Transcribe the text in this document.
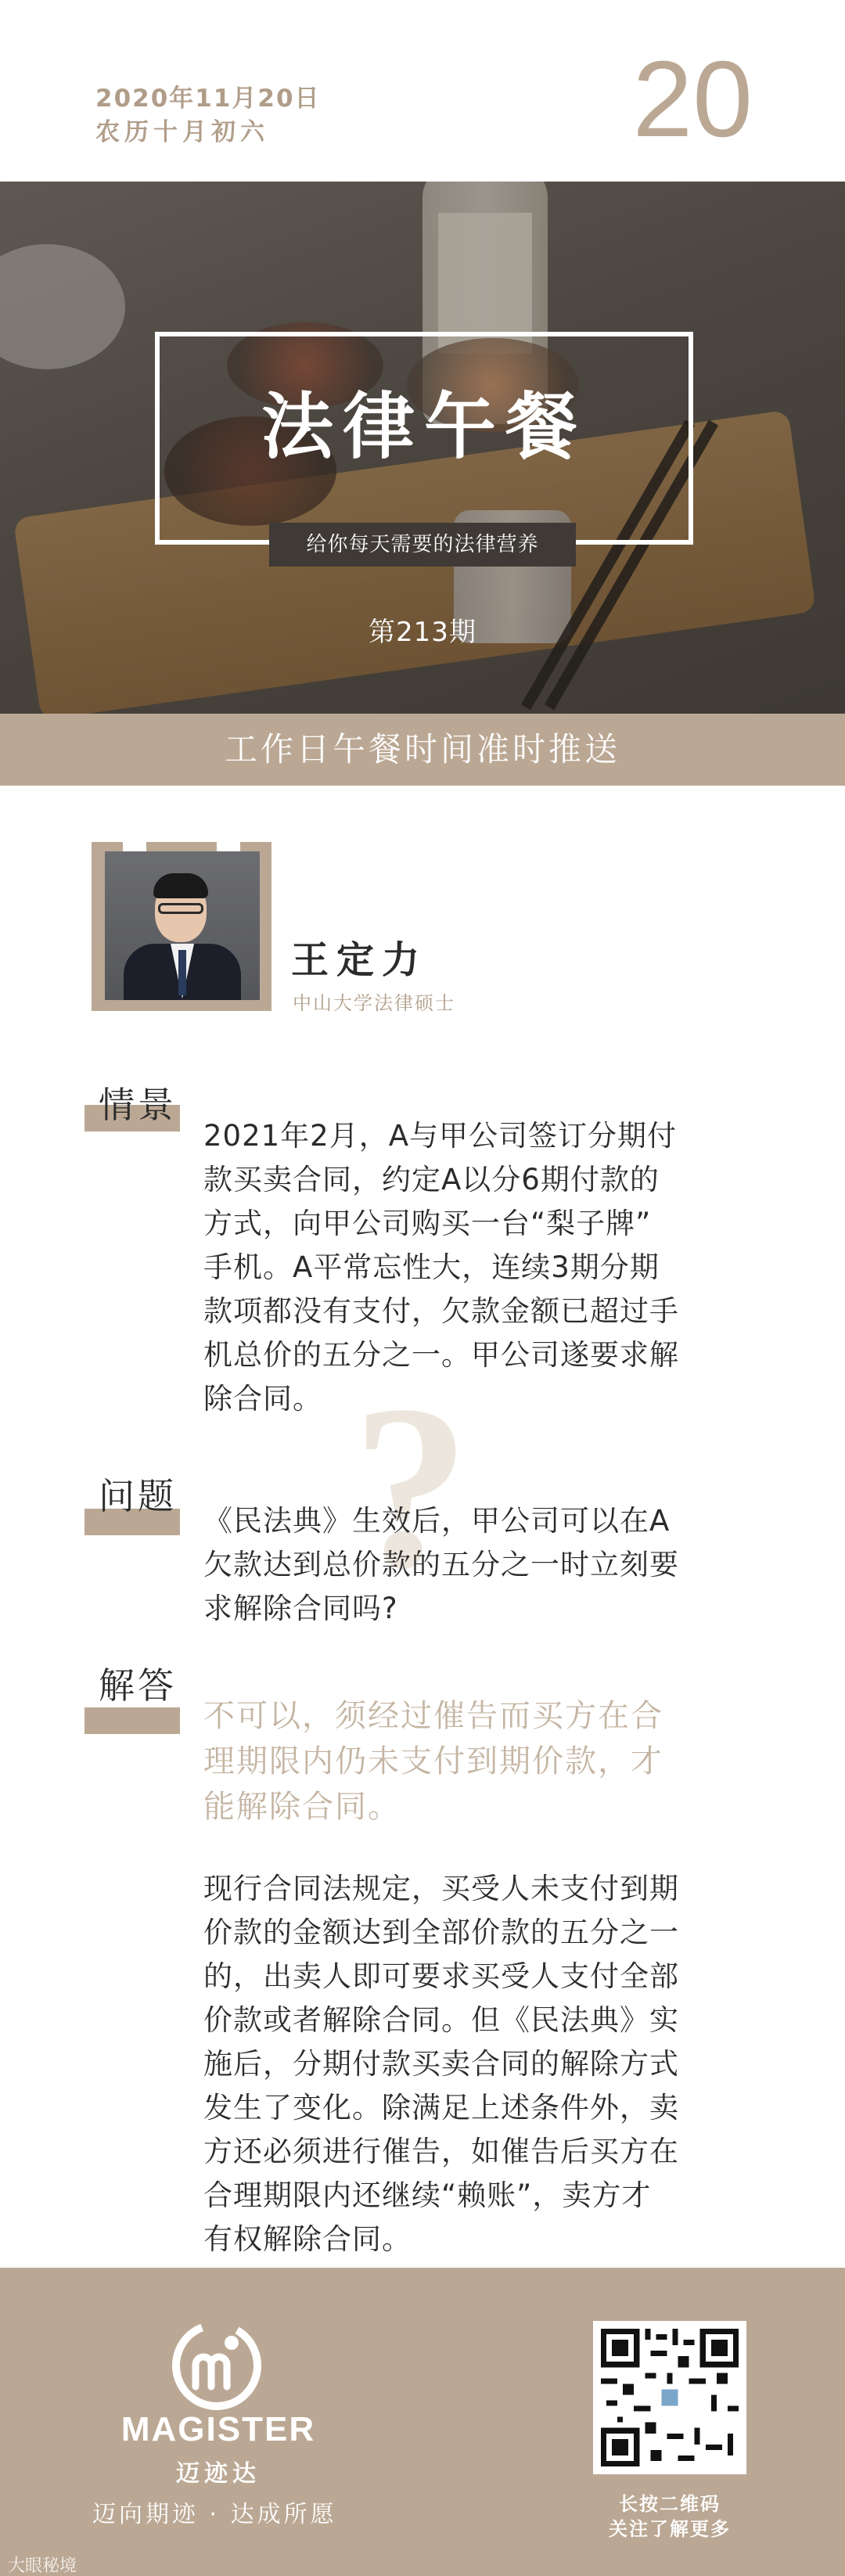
2020年11月20日
农历十月初六	20
法律午餐
给你每天需要的法律营养
第213期
工作日午餐时间准时推送
王定力
中山大学法律硕士
情景
2021年2月，A与甲公司签订分期付
款买卖合同，约定A以分6期付款的
方式，向甲公司购买一台“梨子牌”
手机。A平常忘性大，连续3期分期
款项都没有支付，欠款金额已超过手
机总价的五分之一。甲公司遂要求解
除合同。 ?
问题
《民法典》生效后，甲公司可以在A
欠款达到总价款的五分之一时立刻要
求解除合同吗?
解答
不可以，须经过催告而买方在合
理期限内仍未支付到期价款，才
能解除合同。
现行合同法规定，买受人未支付到期
价款的金额达到全部价款的五分之一
的，出卖人即可要求买受人支付全部
价款或者解除合同。但《民法典》实
施后，分期付款买卖合同的解除方式
发生了变化。除满足上述条件外，卖
方还必须进行催告，如催告后买方在
合理期限内还继续“赖账”，卖方才
有权解除合同。
MAGISTER
迈迹达
迈向期迹 · 达成所愿	长按二维码
关注了解更多
大眼秘境
